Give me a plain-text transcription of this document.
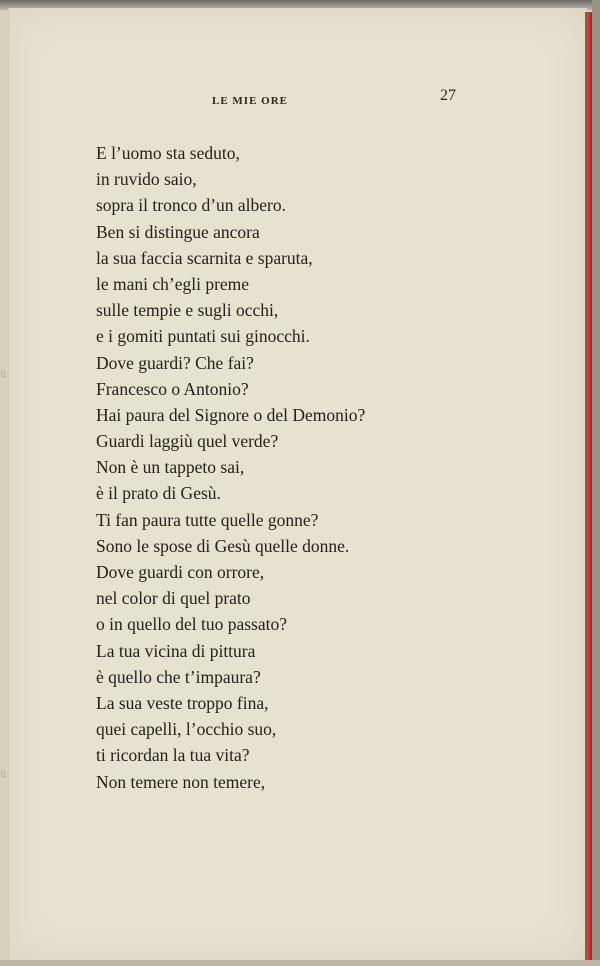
▯
▯
LE MIE ORE	27
E l’uomo sta seduto,
in ruvido saio,
sopra il tronco d’un albero.
Ben si distingue ancora
la sua faccia scarnita e sparuta,
le mani ch’egli preme
sulle tempie e sugli occhi,
e i gomiti puntati sui ginocchi.
Dove guardi? Che fai?
Francesco o Antonio?
Hai paura del Signore o del Demonio?
Guardi laggiù quel verde?
Non è un tappeto sai,
è il prato di Gesù.
Ti fan paura tutte quelle gonne?
Sono le spose di Gesù quelle donne.
Dove guardi con orrore,
nel color di quel prato
o in quello del tuo passato?
La tua vicina di pittura
è quello che t’impaura?
La sua veste troppo fina,
quei capelli, l’occhio suo,
ti ricordan la tua vita?
Non temere non temere,
